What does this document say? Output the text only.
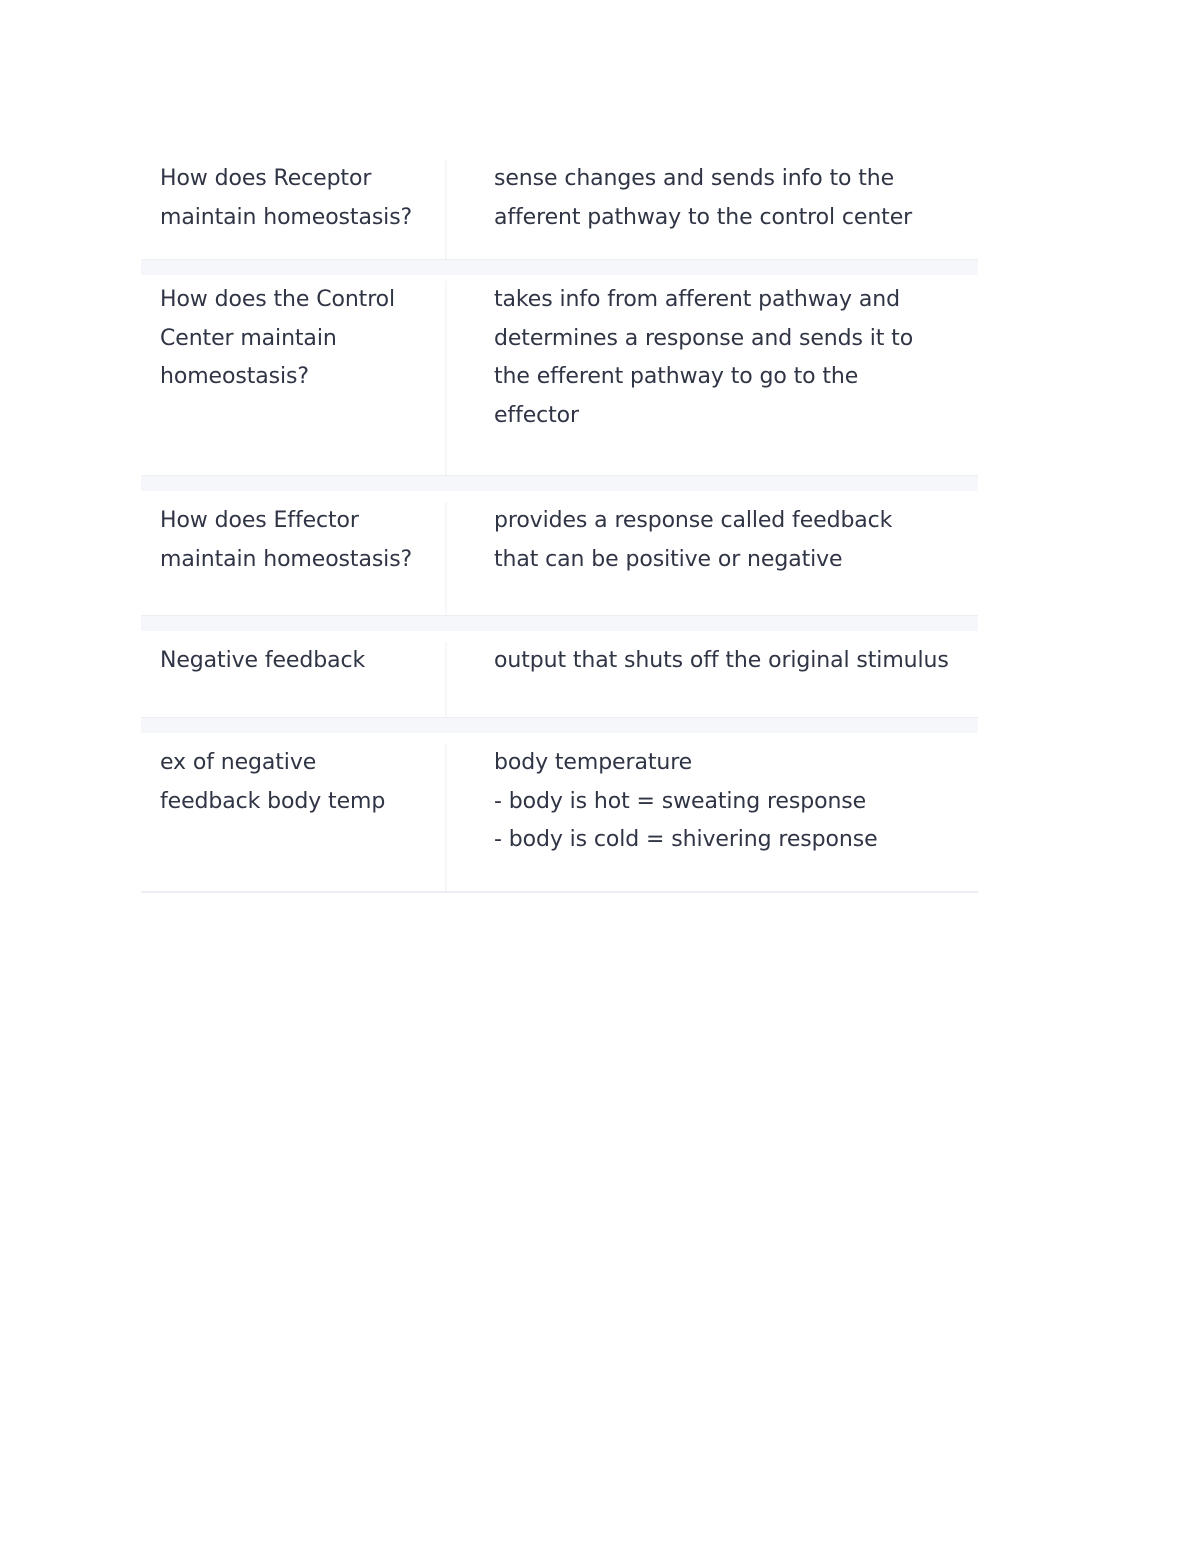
How does Receptor
maintain homeostasis?
sense changes and sends info to the
afferent pathway to the control center
How does the Control
Center maintain
homeostasis?
takes info from afferent pathway and
determines a response and sends it to
the efferent pathway to go to the
effector
How does Effector
maintain homeostasis?
provides a response called feedback
that can be positive or negative
Negative feedback	output that shuts off the original stimulus
ex of negative
feedback body temp
body temperature
- body is hot = sweating response
- body is cold = shivering response
